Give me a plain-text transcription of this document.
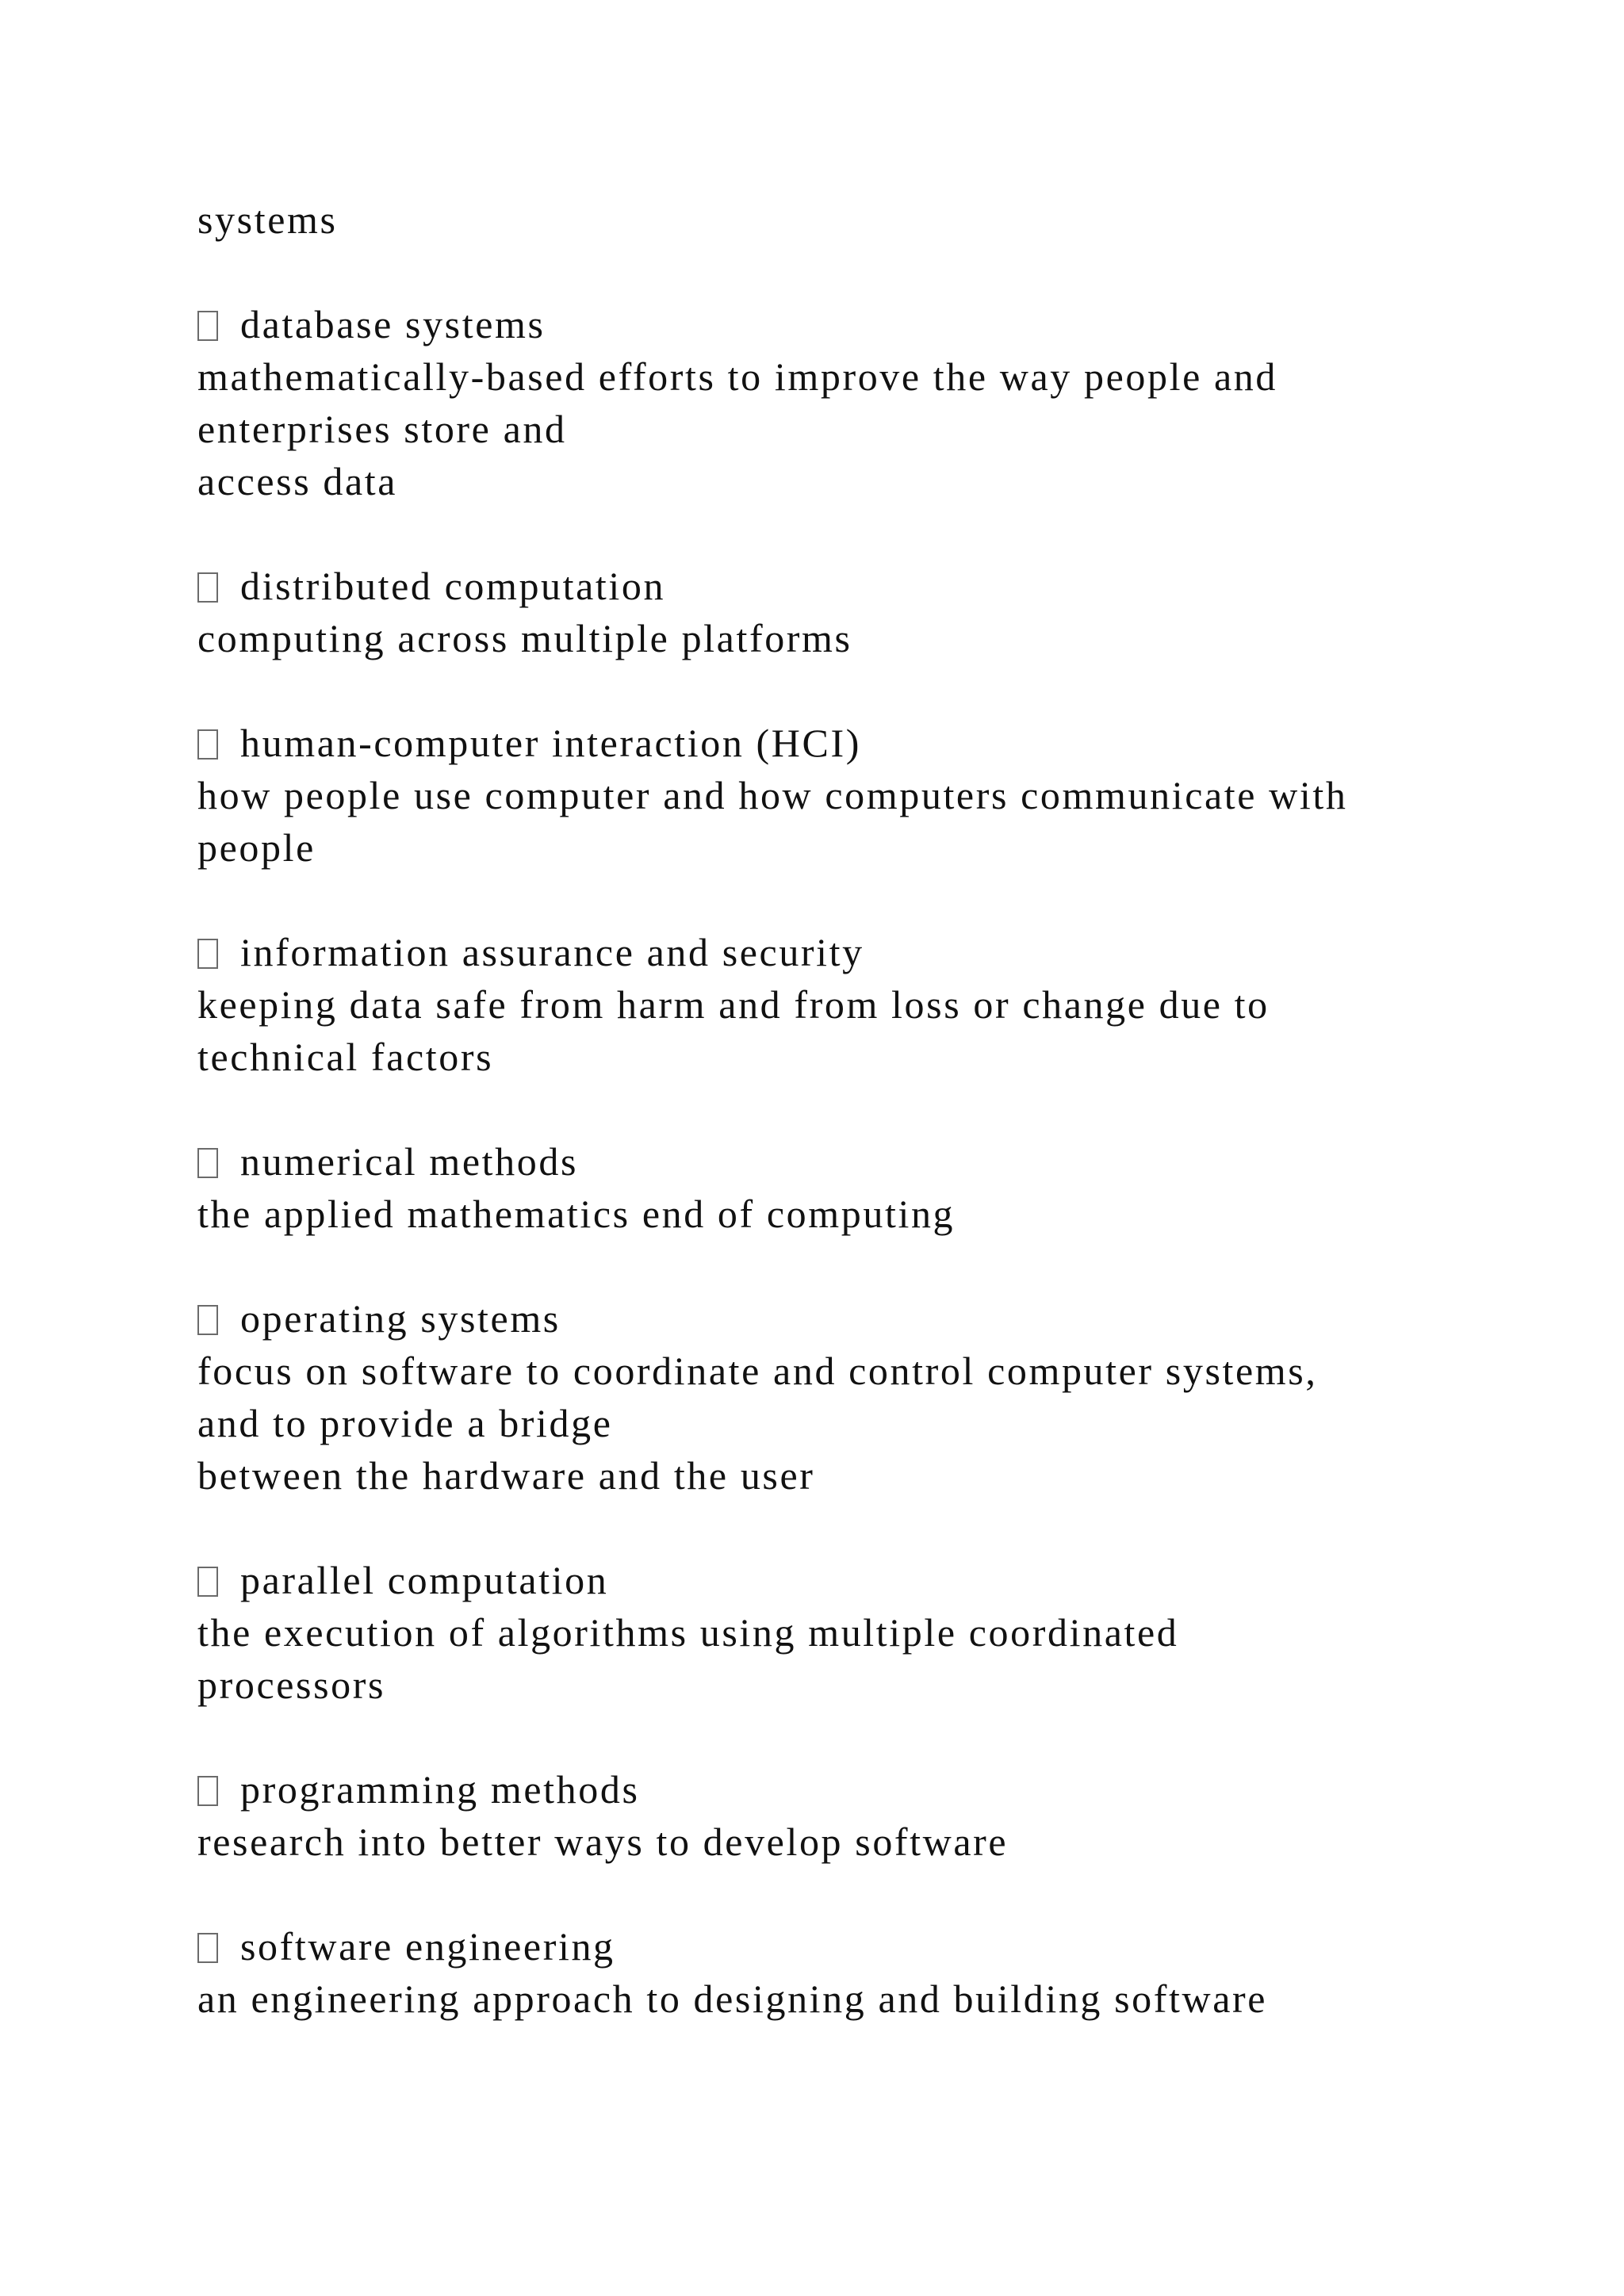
systems
database systems
mathematically-based efforts to improve the way people and
enterprises store and
access data
distributed computation
computing across multiple platforms
human-computer interaction (HCI)
how people use computer and how computers communicate with
people
information assurance and security
keeping data safe from harm and from loss or change due to
technical factors
numerical methods
the applied mathematics end of computing
operating systems
focus on software to coordinate and control computer systems,
and to provide a bridge
between the hardware and the user
parallel computation
the execution of algorithms using multiple coordinated
processors
programming methods
research into better ways to develop software
software engineering
an engineering approach to designing and building software
